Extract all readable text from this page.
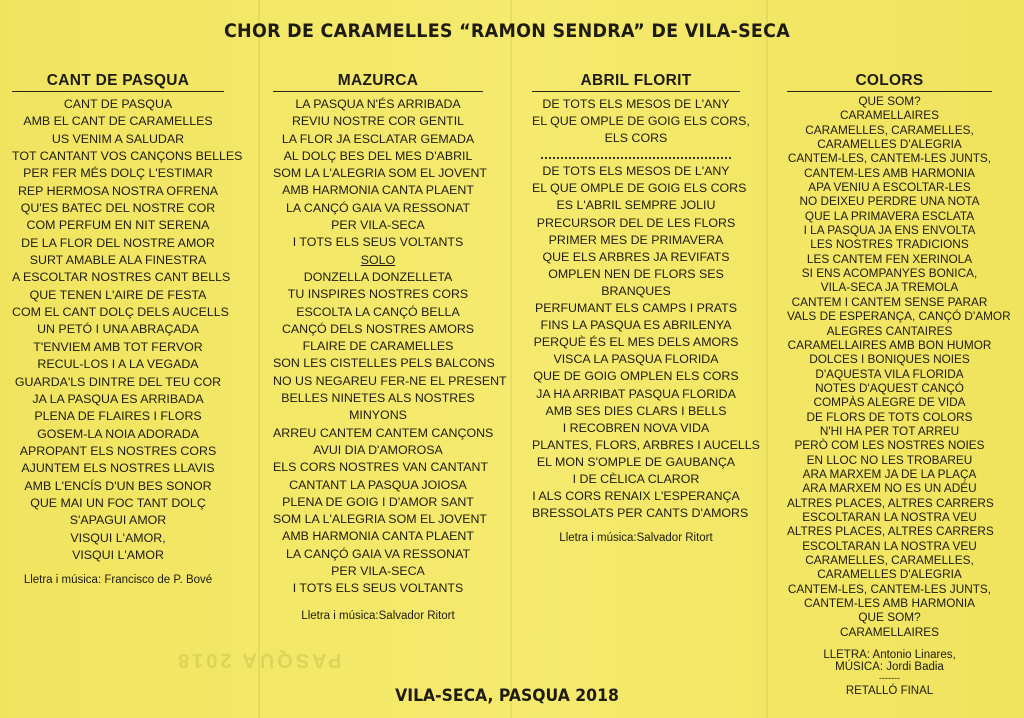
PASQUA 2018
CHOR DE CARAMELLES “RAMON SENDRA” DE VILA-SECA
CANT DE PASQUA
CANT DE PASQUA
AMB EL CANT DE CARAMELLES
US VENIM A SALUDAR
TOT CANTANT VOS CANÇONS BELLES
PER FER MÉS DOLÇ L'ESTIMAR
REP HERMOSA NOSTRA OFRENA
QU'ES BATEC DEL NOSTRE COR
COM PERFUM EN NIT SERENA
DE LA FLOR DEL NOSTRE AMOR
SURT AMABLE ALA FINESTRA
A ESCOLTAR NOSTRES CANT BELLS
QUE TENEN L'AIRE DE FESTA
COM EL CANT DOLÇ DELS AUCELLS
UN PETÓ I UNA ABRAÇADA
T'ENVIEM AMB TOT FERVOR
RECUL-LOS I A LA VEGADA
GUARDA'LS DINTRE DEL TEU COR
JA LA PASQUA ES ARRIBADA
PLENA DE FLAIRES I FLORS
GOSEM-LA NOIA ADORADA
APROPANT ELS NOSTRES CORS
AJUNTEM ELS NOSTRES LLAVIS
AMB L'ENCÍS D'UN BES SONOR
QUE MAI UN FOC TANT DOLÇ
S'APAGUI AMOR
VISQUI L'AMOR,
VISQUI L'AMOR
Lletra i música: Francisco de P. Bové
MAZURCA
LA PASQUA N'ÉS ARRIBADA
REVIU NOSTRE COR GENTIL
LA FLOR JA ESCLATAR GEMADA
AL DOLÇ BES DEL MES D'ABRIL
SOM LA L'ALEGRIA SOM EL JOVENT
AMB HARMONIA CANTA PLAENT
LA CANÇÓ GAIA VA RESSONAT
PER VILA-SECA
I TOTS ELS SEUS VOLTANTS
SOLO
DONZELLA DONZELLETA
TU INSPIRES NOSTRES CORS
ESCOLTA LA CANÇÓ BELLA
CANÇÓ DELS NOSTRES AMORS
FLAIRE DE CARAMELLES
SON LES CISTELLES PELS BALCONS
NO US NEGAREU FER-NE EL PRESENT
BELLES NINETES ALS NOSTRES
MINYONS
ARREU CANTEM CANTEM CANÇONS
AVUI DIA D'AMOROSA
ELS CORS NOSTRES VAN CANTANT
CANTANT LA PASQUA JOIOSA
PLENA DE GOIG I D'AMOR SANT
SOM LA L'ALEGRIA SOM EL JOVENT
AMB HARMONIA CANTA PLAENT
LA CANÇÓ GAIA VA RESSONAT
PER VILA-SECA
I TOTS ELS SEUS VOLTANTS
Lletra i música:Salvador Ritort
ABRIL FLORIT
DE TOTS ELS MESOS DE L'ANY
EL QUE OMPLE DE GOIG ELS CORS,
ELS CORS
DE TOTS ELS MESOS DE L'ANY
EL QUE OMPLE DE GOIG ELS CORS
ES L'ABRIL SEMPRE JOLIU
PRECURSOR DEL DE LES FLORS
PRIMER MES DE PRIMAVERA
QUE ELS ARBRES JA REVIFATS
OMPLEN NEN DE FLORS SES
BRANQUES
PERFUMANT ELS CAMPS I PRATS
FINS LA PASQUA ES ABRILENYA
PERQUÈ ÉS EL MES DELS AMORS
VISCA LA PASQUA FLORIDA
QUE DE GOIG OMPLEN ELS CORS
JA HA ARRIBAT PASQUA FLORIDA
AMB SES DIES CLARS I BELLS
I RECOBREN NOVA VIDA
PLANTES, FLORS, ARBRES I AUCELLS
EL MON S'OMPLE DE GAUBANÇA
I DE CÈLICA CLAROR
I ALS CORS RENAIX L'ESPERANÇA
BRESSOLATS PER CANTS D'AMORS
Lletra i música:Salvador Ritort
COLORS
QUE SOM?
CARAMELLAIRES
CARAMELLES, CARAMELLES,
CARAMELLES D'ALEGRIA
CANTEM-LES, CANTEM-LES JUNTS,
CANTEM-LES AMB HARMONIA
APA VENIU A ESCOLTAR-LES
NO DEIXEU PERDRE UNA NOTA
QUE LA PRIMAVERA ESCLATA
I LA PASQUA JA ENS ENVOLTA
LES NOSTRES TRADICIONS
LES CANTEM FEN XERINOLA
SI ENS ACOMPANYES BONICA,
VILA-SECA JA TREMOLA
CANTEM I CANTEM SENSE PARAR
VALS DE ESPERANÇA, CANÇÓ D'AMOR
ALEGRES CANTAIRES
CARAMELLAIRES AMB BON HUMOR
DOLCES I BONIQUES NOIES
D'AQUESTA VILA FLORIDA
NOTES D'AQUEST CANÇÓ
COMPÀS ALEGRE DE VIDA
DE FLORS DE TOTS COLORS
N'HI HA PER TOT ARREU
PERÒ COM LES NOSTRES NOIES
EN LLOC NO LES TROBAREU
ARA MARXEM JA DE LA PLAÇA
ARA MARXEM NO ES UN ADÉU
ALTRES PLACES, ALTRES CARRERS
ESCOLTARAN LA NOSTRA VEU
ALTRES PLACES, ALTRES CARRERS
ESCOLTARAN LA NOSTRA VEU
CARAMELLES, CARAMELLES,
CARAMELLES D'ALEGRIA
CANTEM-LES, CANTEM-LES JUNTS,
CANTEM-LES AMB HARMONIA
QUE SOM?
CARAMELLAIRES
LLETRA: Antonio Linares,
MÚSICA: Jordi Badia
-------
RETALLÓ FINAL
VILA-SECA, PASQUA 2018
